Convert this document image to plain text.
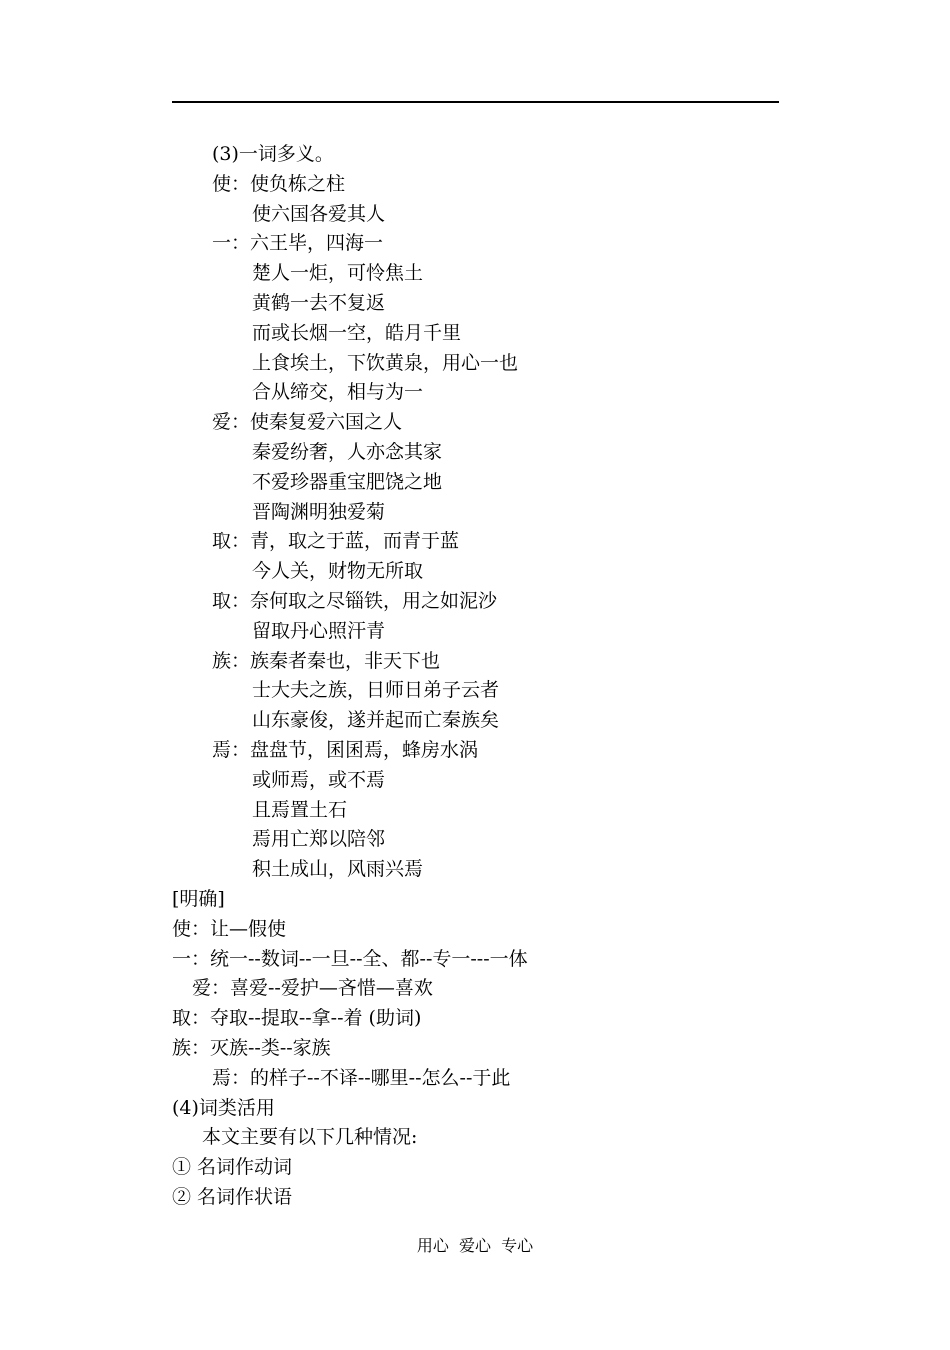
(3)一词多义。
使：使负栋之柱
使六国各爱其人
一：六王毕，四海一
楚人一炬，可怜焦土
黄鹤一去不复返
而或长烟一空，皓月千里
上食埃土，下饮黄泉，用心一也
合从缔交，相与为一
爱：使秦复爱六国之人
秦爱纷奢，人亦念其家
不爱珍器重宝肥饶之地
晋陶渊明独爱菊
取：青，取之于蓝，而青于蓝
今人关，财物无所取
取：奈何取之尽锱铁，用之如泥沙
留取丹心照汗青
族：族秦者秦也，非天下也
士大夫之族，日师日弟子云者
山东豪俊，遂并起而亡秦族矣
焉：盘盘节，囷囷焉，蜂房水涡
或师焉，或不焉
且焉置土石
焉用亡郑以陪邻
积土成山，风雨兴焉
[明确]
使：让—假使
一：统一--数词--一旦--全、都--专一---一体
爱：喜爱--爱护—吝惜—喜欢
取：夺取--提取--拿--着 (助词)
族：灭族--类--家族
焉：的样子--不译--哪里--怎么--于此
(4)词类活用
本文主要有以下几种情况:
① 名词作动词
② 名词作状语
用心  爱心  专心
